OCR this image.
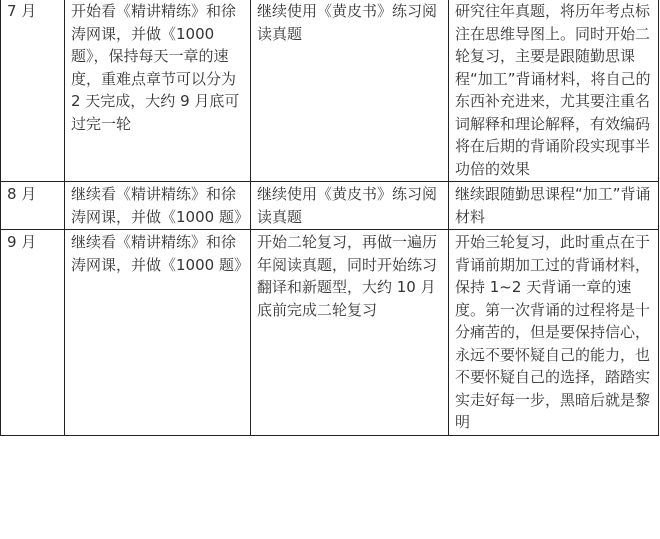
7 月	开始看《精讲精练》和徐涛网课，并做《1000 题》，保持每天一章的速度，重难点章节可以分为 2 天完成，大约 9 月底可过完一轮	继续使用《黄皮书》练习阅读真题	研究往年真题，将历年考点标注在思维导图上。同时开始二轮复习，主要是跟随勤思课程“加工”背诵材料，将自己的东西补充进来，尤其要注重名词解释和理论解释，有效编码将在后期的背诵阶段实现事半功倍的效果
8 月	继续看《精讲精练》和徐涛网课，并做《1000 题》	继续使用《黄皮书》练习阅读真题	继续跟随勤思课程“加工”背诵材料
9 月	继续看《精讲精练》和徐涛网课，并做《1000 题》	开始二轮复习，再做一遍历年阅读真题，同时开始练习翻译和新题型，大约 10 月底前完成二轮复习	开始三轮复习，此时重点在于背诵前期加工过的背诵材料，保持 1~2 天背诵一章的速度。第一次背诵的过程将是十分痛苦的，但是要保持信心，永远不要怀疑自己的能力，也不要怀疑自己的选择，踏踏实实走好每一步，黑暗后就是黎明
